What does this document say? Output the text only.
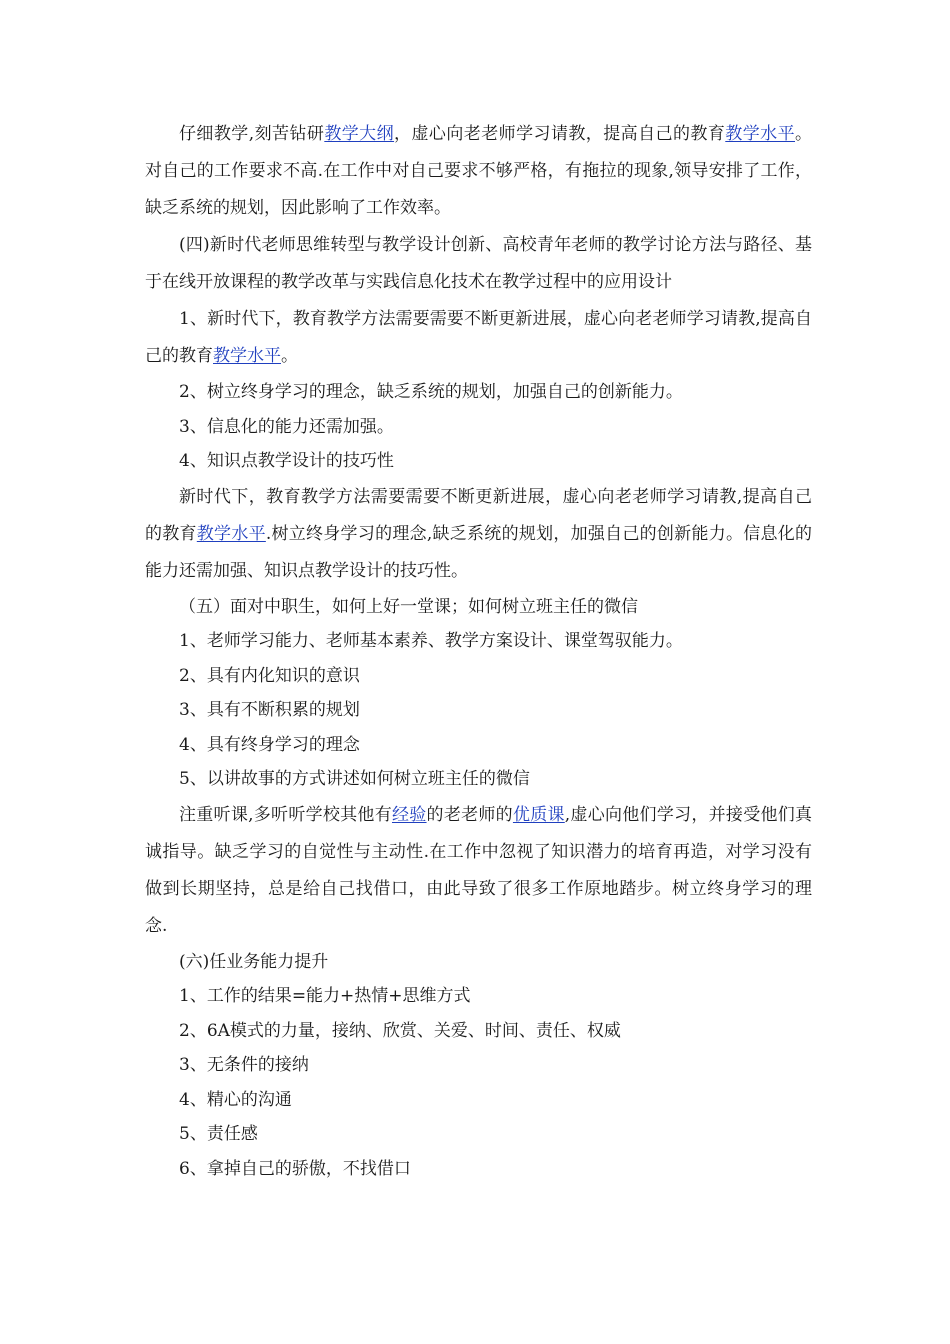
仔细教学,刻苦钻研教学大纲，虚心向老老师学习请教，提高自己的教育教学水平。对自己的工作要求不高.在工作中对自己要求不够严格，有拖拉的现象,领导安排了工作，缺乏系统的规划，因此影响了工作效率。

(四)新时代老师思维转型与教学设计创新、高校青年老师的教学讨论方法与路径、基于在线开放课程的教学改革与实践信息化技术在教学过程中的应用设计

1、新时代下，教育教学方法需要需要不断更新进展，虚心向老老师学习请教,提高自己的教育教学水平。

2、树立终身学习的理念，缺乏系统的规划，加强自己的创新能力。

3、信息化的能力还需加强。

4、知识点教学设计的技巧性

新时代下，教育教学方法需要需要不断更新进展，虚心向老老师学习请教,提高自己的教育教学水平.树立终身学习的理念,缺乏系统的规划，加强自己的创新能力。信息化的能力还需加强、知识点教学设计的技巧性。

（五）面对中职生，如何上好一堂课；如何树立班主任的微信

1、老师学习能力、老师基本素养、教学方案设计、课堂驾驭能力。

2、具有内化知识的意识

3、具有不断积累的规划

4、具有终身学习的理念

5、以讲故事的方式讲述如何树立班主任的微信

注重听课,多听听学校其他有经验的老老师的优质课,虚心向他们学习，并接受他们真诚指导。缺乏学习的自觉性与主动性.在工作中忽视了知识潜力的培育再造，对学习没有做到长期坚持，总是给自己找借口，由此导致了很多工作原地踏步。树立终身学习的理念.

(六)任业务能力提升

1、工作的结果=能力+热情+思维方式

2、6A模式的力量，接纳、欣赏、关爱、时间、责任、权威

3、无条件的接纳

4、精心的沟通

5、责任感

6、拿掉自己的骄傲，不找借口
